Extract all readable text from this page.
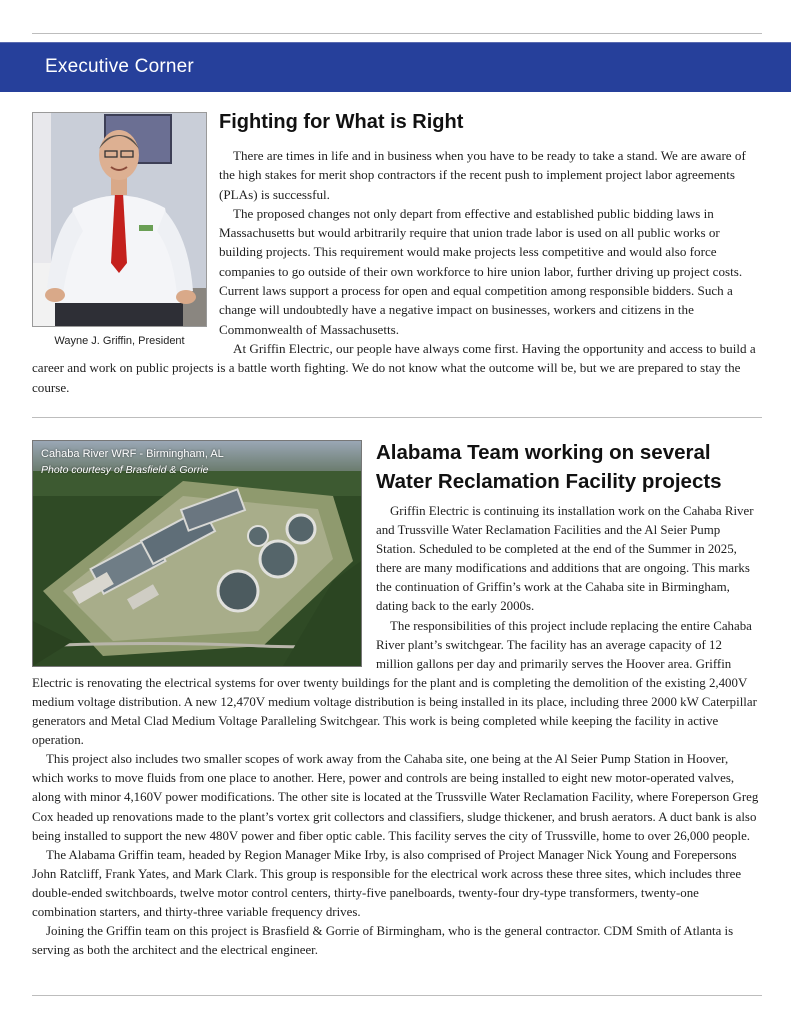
Executive Corner
Wayne J. Griffin, President
Fighting for What is Right

There are times in life and in business when you have to be ready to take a stand. We are aware of the high stakes for merit shop contractors if the recent push to implement project labor agreements (PLAs) is successful.

The proposed changes not only depart from effective and established public bidding laws in Massachusetts but would arbitrarily require that union trade labor is used on all public works or building projects. This requirement would make projects less competitive and would also force companies to go outside of their own workforce to hire union labor, further driving up project costs. Current laws support a process for open and equal competition among responsible bidders. Such a change will undoubtedly have a negative impact on businesses, workers and citizens in the Commonwealth of Massachusetts.

At Griffin Electric, our people have always come first. Having the opportunity and access to build a career and work on public projects is a battle worth fighting. We do not know what the outcome will be, but we are prepared to stay the course.

Cahaba River WRF - Birmingham, AL
Photo courtesy of Brasfield & Gorrie
Alabama Team working on several Water Reclamation Facility projects

Griffin Electric is continuing its installation work on the Cahaba River and Trussville Water Reclamation Facilities and the Al Seier Pump Station. Scheduled to be completed at the end of the Summer in 2025, there are many modifications and additions that are ongoing. This marks the continuation of Griffin’s work at the Cahaba site in Birmingham, dating back to the early 2000s.

The responsibilities of this project include replacing the entire Cahaba River plant’s switchgear. The facility has an average capacity of 12 million gallons per day and primarily serves the Hoover area. Griffin Electric is renovating the electrical systems for over twenty buildings for the plant and is completing the demolition of the existing 2,400V medium voltage distribution. A new 12,470V medium voltage distribution is being installed in its place, including three 2000 kW Caterpillar generators and Metal Clad Medium Voltage Paralleling Switchgear. This work is being completed while keeping the facility in active operation.

This project also includes two smaller scopes of work away from the Cahaba site, one being at the Al Seier Pump Station in Hoover, which works to move fluids from one place to another. Here, power and controls are being installed to eight new motor-operated valves, along with minor 4,160V power modifications. The other site is located at the Trussville Water Reclamation Facility, where Foreperson Greg Cox headed up renovations made to the plant’s vortex grit collectors and classifiers, sludge thickener, and brush aerators. A duct bank is also being installed to support the new 480V power and fiber optic cable. This facility serves the city of Trussville, home to over 26,000 people.

The Alabama Griffin team, headed by Region Manager Mike Irby, is also comprised of Project Manager Nick Young and Forepersons John Ratcliff, Frank Yates, and Mark Clark. This group is responsible for the electrical work across these three sites, which includes three double-ended switchboards, twelve motor control centers, thirty-five panelboards, twenty-four dry-type transformers, twenty-one combination starters, and thirty-three variable frequency drives.

Joining the Griffin team on this project is Brasfield & Gorrie of Birmingham, who is the general contractor. CDM Smith of Atlanta is serving as both the architect and the electrical engineer.
